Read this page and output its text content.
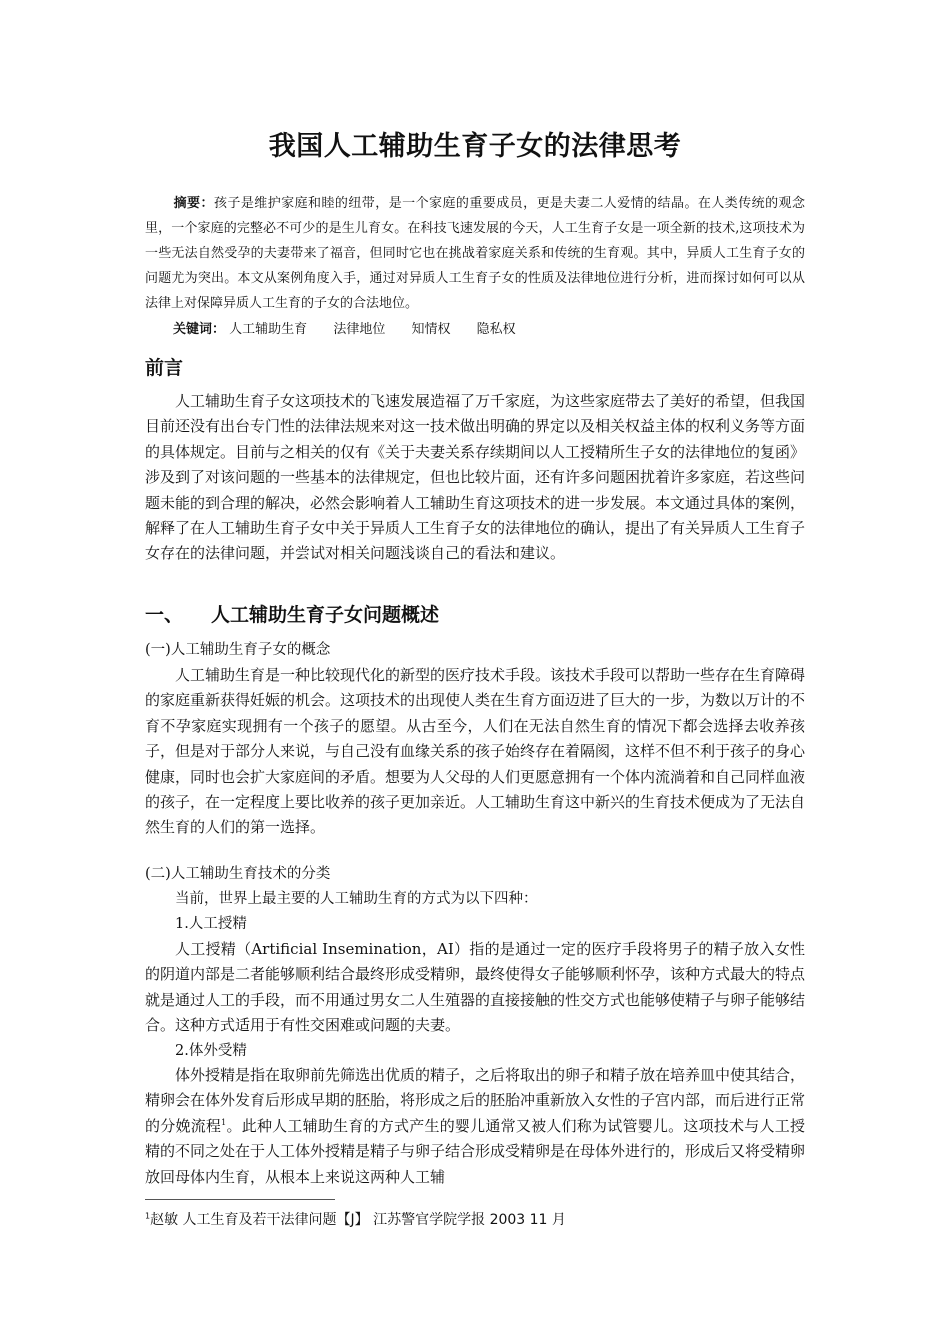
我国人工辅助生育子女的法律思考

摘要：孩子是维护家庭和睦的纽带，是一个家庭的重要成员，更是夫妻二人爱情的结晶。在人类传统的观念里，一个家庭的完整必不可少的是生儿育女。在科技飞速发展的今天，人工生育子女是一项全新的技术,这项技术为一些无法自然受孕的夫妻带来了福音，但同时它也在挑战着家庭关系和传统的生育观。其中，异质人工生育子女的问题尤为突出。本文从案例角度入手，通过对异质人工生育子女的性质及法律地位进行分析，进而探讨如何可以从法律上对保障异质人工生育的子女的合法地位。

关键词： 人工辅助生育 法律地位 知情权 隐私权

前言

人工辅助生育子女这项技术的飞速发展造福了万千家庭，为这些家庭带去了美好的希望，但我国目前还没有出台专门性的法律法规来对这一技术做出明确的界定以及相关权益主体的权利义务等方面的具体规定。目前与之相关的仅有《关于夫妻关系存续期间以人工授精所生子女的法律地位的复函》涉及到了对该问题的一些基本的法律规定，但也比较片面，还有许多问题困扰着许多家庭，若这些问题未能的到合理的解决，必然会影响着人工辅助生育这项技术的进一步发展。本文通过具体的案例，解释了在人工辅助生育子女中关于异质人工生育子女的法律地位的确认，提出了有关异质人工生育子女存在的法律问题，并尝试对相关问题浅谈自己的看法和建议。

一、 人工辅助生育子女问题概述

(一)人工辅助生育子女的概念

人工辅助生育是一种比较现代化的新型的医疗技术手段。该技术手段可以帮助一些存在生育障碍的家庭重新获得妊娠的机会。这项技术的出现使人类在生育方面迈进了巨大的一步，为数以万计的不育不孕家庭实现拥有一个孩子的愿望。从古至今，人们在无法自然生育的情况下都会选择去收养孩子，但是对于部分人来说，与自己没有血缘关系的孩子始终存在着隔阂，这样不但不利于孩子的身心健康，同时也会扩大家庭间的矛盾。想要为人父母的人们更愿意拥有一个体内流淌着和自己同样血液的孩子，在一定程度上要比收养的孩子更加亲近。人工辅助生育这中新兴的生育技术便成为了无法自然生育的人们的第一选择。

(二)人工辅助生育技术的分类

当前，世界上最主要的人工辅助生育的方式为以下四种：

1.人工授精

人工授精（Artificial Insemination，AI）指的是通过一定的医疗手段将男子的精子放入女性的阴道内部是二者能够顺利结合最终形成受精卵，最终使得女子能够顺利怀孕，该种方式最大的特点就是通过人工的手段，而不用通过男女二人生殖器的直接接触的性交方式也能够使精子与卵子能够结合。这种方式适用于有性交困难或问题的夫妻。

2.体外受精

体外授精是指在取卵前先筛选出优质的精子，之后将取出的卵子和精子放在培养皿中使其结合，精卵会在体外发育后形成早期的胚胎，将形成之后的胚胎冲重新放入女性的子宫内部，而后进行正常的分娩流程$^1$。此种人工辅助生育的方式产生的婴儿通常又被人们称为试管婴儿。这项技术与人工授精的不同之处在于人工体外授精是精子与卵子结合形成受精卵是在母体外进行的，形成后又将受精卵放回母体内生育，从根本上来说这两种人工辅

$^1$赵敏 人工生育及若干法律问题【J】 江苏警官学院学报 2003 11 月
